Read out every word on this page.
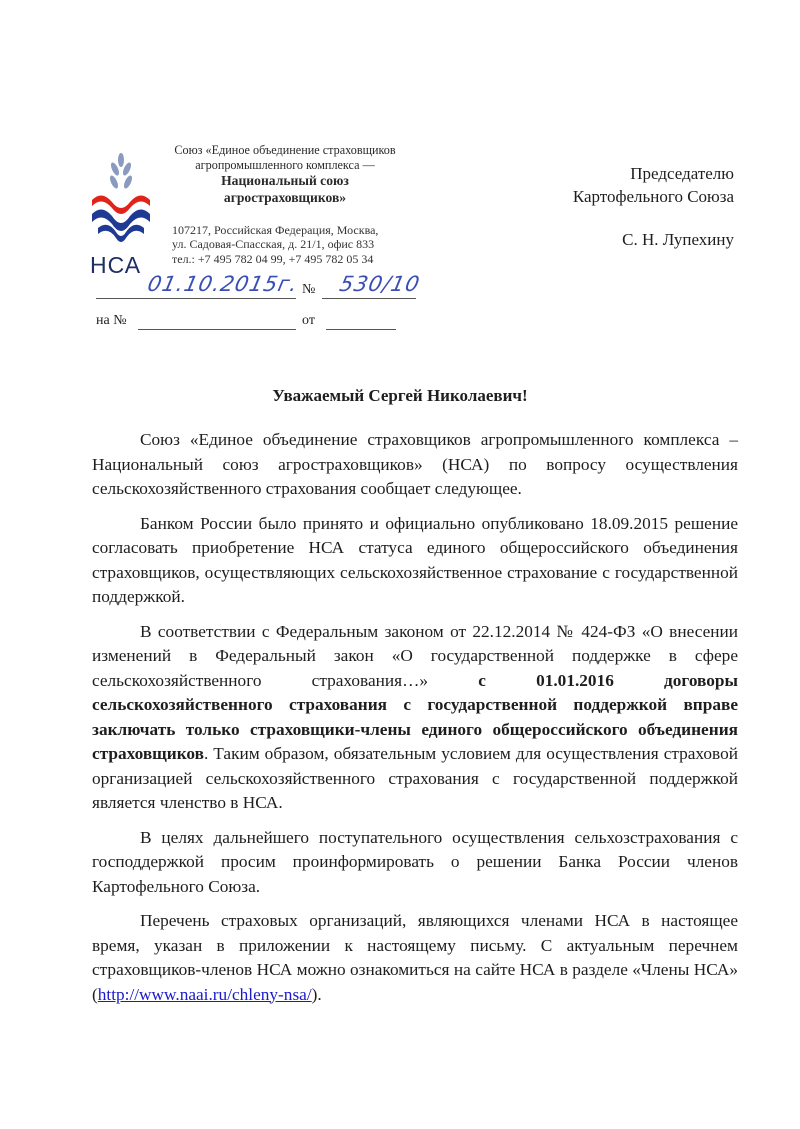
НСА
Союз «Единое объединение страховщиков
агропромышленного комплекса —
Национальный союз
агростраховщиков»
107217, Российская Федерация, Москва,
ул. Садовая-Спасская, д. 21/1, офис 833
тел.: +7 495 782 04 99, +7 495 782 05 34
01.10.2015г. № 530/10
на №	от
Председателю
Картофельного Союза
С. Н. Лупехину
Уважаемый Сергей Николаевич!

Союз «Единое объединение страховщиков агропромышленного комплекса – Национальный союз агростраховщиков» (НСА) по вопросу осуществления сельскохозяйственного страхования сообщает следующее.

Банком России было принято и официально опубликовано 18.09.2015 решение согласовать приобретение НСА статуса единого общероссийского объединения страховщиков, осуществляющих сельскохозяйственное страхование с государственной поддержкой.

В соответствии с Федеральным законом от 22.12.2014 № 424-ФЗ «О внесении изменений в Федеральный закон «О государственной поддержке в сфере сельскохозяйственного страхования…» с 01.01.2016 договоры сельскохозяйственного страхования с государственной поддержкой вправе заключать только страховщики-члены единого общероссийского объединения страховщиков. Таким образом, обязательным условием для осуществления страховой организацией сельскохозяйственного страхования с государственной поддержкой является членство в НСА.

В целях дальнейшего поступательного осуществления сельхозстрахования с господдержкой просим проинформировать о решении Банка России членов Картофельного Союза.

Перечень страховых организаций, являющихся членами НСА в настоящее время, указан в приложении к настоящему письму. С актуальным перечнем страховщиков-членов НСА можно ознакомиться на сайте НСА в разделе «Члены НСА» (http://www.naai.ru/chleny-nsa/).
